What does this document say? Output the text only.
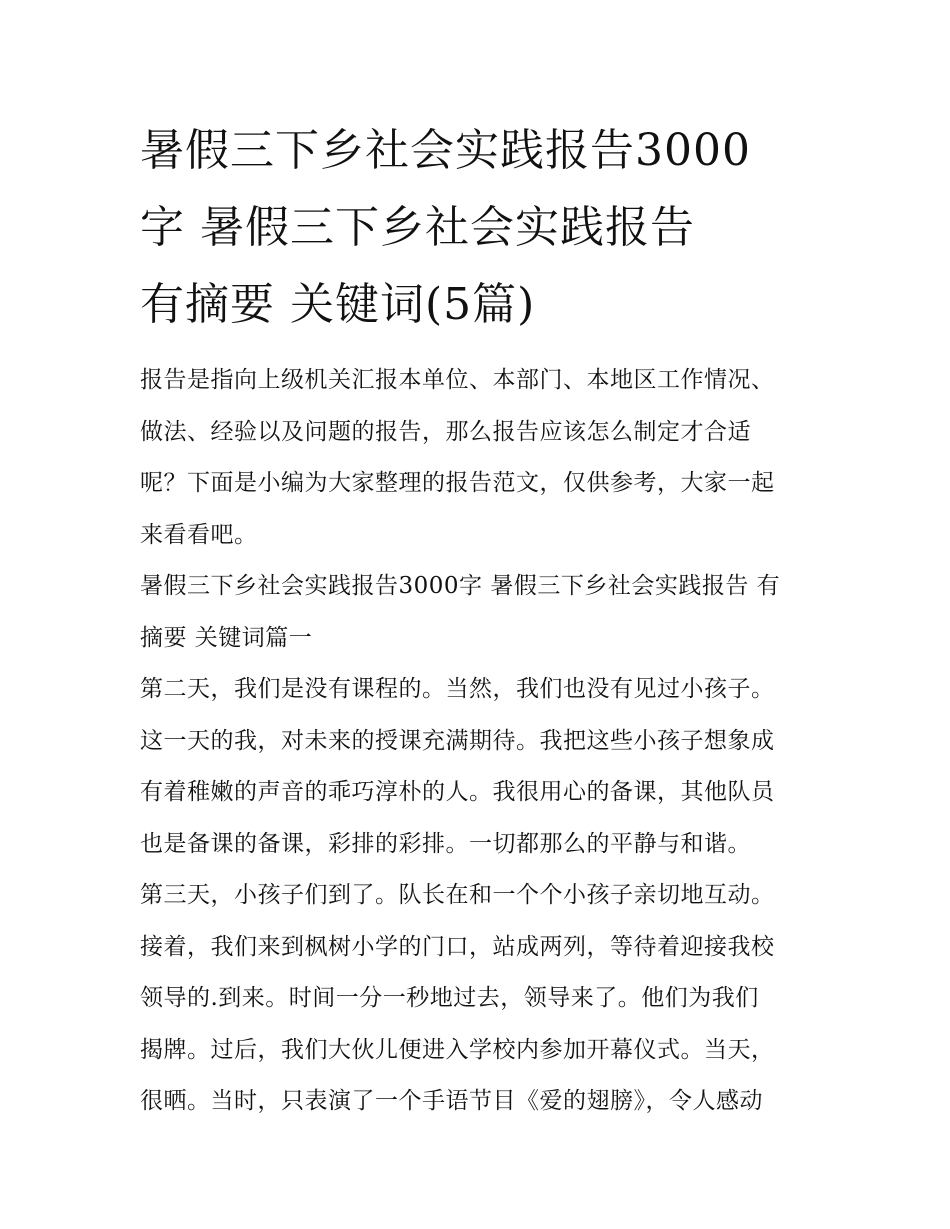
暑假三下乡社会实践报告3000
字 暑假三下乡社会实践报告
有摘要 关键词(5篇)

报告是指向上级机关汇报本单位、本部门、本地区工作情况、
做法、经验以及问题的报告，那么报告应该怎么制定才合适
呢？下面是小编为大家整理的报告范文，仅供参考，大家一起
来看看吧。

暑假三下乡社会实践报告3000字 暑假三下乡社会实践报告 有
摘要 关键词篇一

第二天，我们是没有课程的。当然，我们也没有见过小孩子。
这一天的我，对未来的授课充满期待。我把这些小孩子想象成
有着稚嫩的声音的乖巧淳朴的人。我很用心的备课，其他队员
也是备课的备课，彩排的彩排。一切都那么的平静与和谐。

第三天，小孩子们到了。队长在和一个个小孩子亲切地互动。
接着，我们来到枫树小学的门口，站成两列，等待着迎接我校
领导的.到来。时间一分一秒地过去，领导来了。他们为我们
揭牌。过后，我们大伙儿便进入学校内参加开幕仪式。当天，
很晒。当时，只表演了一个手语节目《爱的翅膀》，令人感动
